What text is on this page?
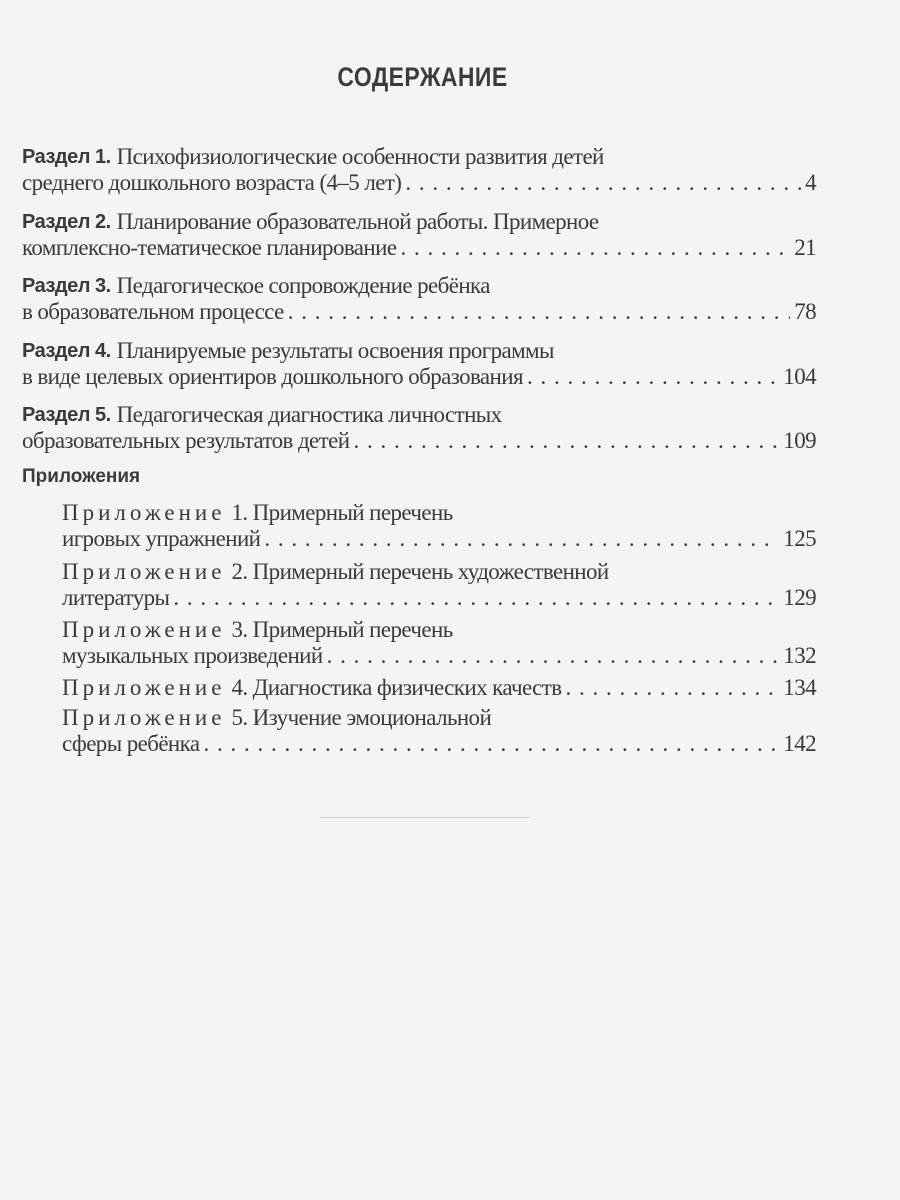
СОДЕРЖАНИЕ
Раздел 1. Психофизиологические особенности развития детей
среднего дошкольного возраста (4–5 лет) . . .	4
Раздел 2. Планирование образовательной работы. Примерное
комплексно-тематическое планирование . . .	21
Раздел 3. Педагогическое сопровождение ребёнка
в образовательном процессе . . .	78
Раздел 4. Планируемые результаты освоения программы
в виде целевых ориентиров дошкольного образования . . .	104
Раздел 5. Педагогическая диагностика личностных
образовательных результатов детей . . .	109
Приложения
Приложение 1. Примерный перечень
игровых упражнений . . .	125
Приложение 2. Примерный перечень художественной
литературы . . .	129
Приложение 3. Примерный перечень
музыкальных произведений . . .	132
Приложение 4. Диагностика физических качеств . . .	134
Приложение 5. Изучение эмоциональной
сферы ребёнка . . .	142
